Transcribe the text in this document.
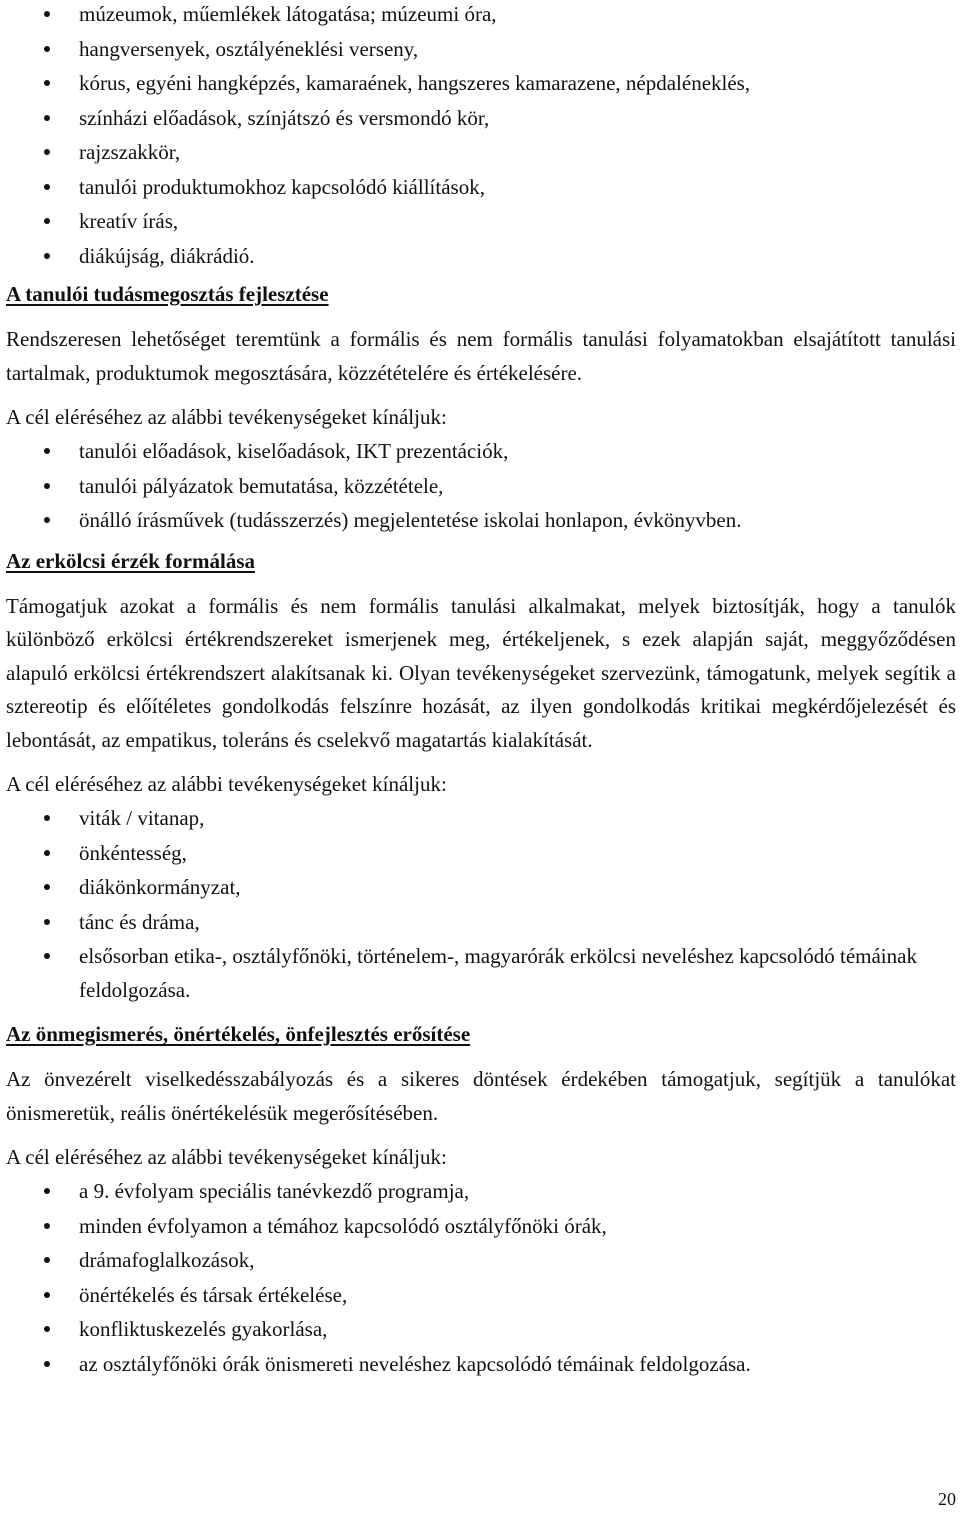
múzeumok, műemlékek látogatása; múzeumi óra,
hangversenyek, osztályéneklési verseny,
kórus, egyéni hangképzés, kamaraének, hangszeres kamarazene, népdaléneklés,
színházi előadások, színjátszó és versmondó kör,
rajzszakkör,
tanulói produktumokhoz kapcsolódó kiállítások,
kreatív írás,
diákújság, diákrádió.
A tanulói tudásmegosztás fejlesztése

Rendszeresen lehetőséget teremtünk a formális és nem formális tanulási folyamatokban elsajátított tanulási tartalmak, produktumok megosztására, közzétételére és értékelésére.

A cél eléréséhez az alábbi tevékenységeket kínáljuk:

tanulói előadások, kiselőadások, IKT prezentációk,
tanulói pályázatok bemutatása, közzététele,
önálló írásművek (tudásszerzés) megjelentetése iskolai honlapon, évkönyvben.
Az erkölcsi érzék formálása

Támogatjuk azokat a formális és nem formális tanulási alkalmakat, melyek biztosítják, hogy a tanulók különböző erkölcsi értékrendszereket ismerjenek meg, értékeljenek, s ezek alapján saját, meggyőződésen alapuló erkölcsi értékrendszert alakítsanak ki. Olyan tevékenységeket szervezünk, támogatunk, melyek segítik a sztereotip és előítéletes gondolkodás felszínre hozását, az ilyen gondolkodás kritikai megkérdőjelezését és lebontását, az empatikus, toleráns és cselekvő magatartás kialakítását.

A cél eléréséhez az alábbi tevékenységeket kínáljuk:

viták / vitanap,
önkéntesség,
diákönkormányzat,
tánc és dráma,
elsősorban etika-, osztályfőnöki, történelem-, magyarórák erkölcsi neveléshez kapcsolódó témáinak feldolgozása.
Az önmegismerés, önértékelés, önfejlesztés erősítése

Az önvezérelt viselkedésszabályozás és a sikeres döntések érdekében támogatjuk, segítjük a tanulókat önismeretük, reális önértékelésük megerősítésében.

A cél eléréséhez az alábbi tevékenységeket kínáljuk:

a 9. évfolyam speciális tanévkezdő programja,
minden évfolyamon a témához kapcsolódó osztályfőnöki órák,
drámafoglalkozások,
önértékelés és társak értékelése,
konfliktuskezelés gyakorlása,
az osztályfőnöki órák önismereti neveléshez kapcsolódó témáinak feldolgozása.
20
